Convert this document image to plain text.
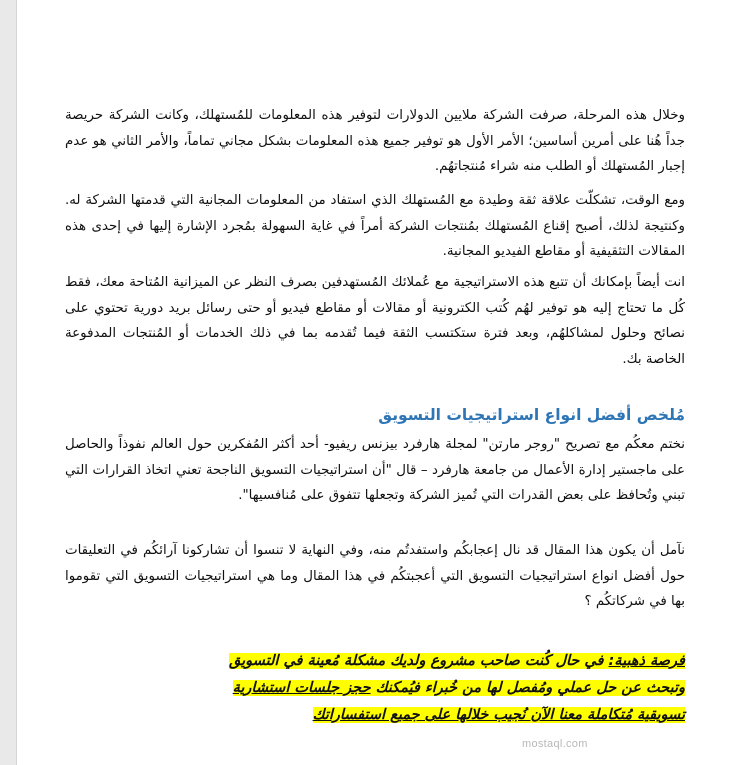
وخلال هذه المرحلة، صرفت الشركة ملايين الدولارات لتوفير هذه المعلومات للمُستهلك، وكانت الشركة حريصة جداً هُنا على أمرين أساسين؛ الأمر الأول هو توفير جميع هذه المعلومات بشكل مجاني تماماً، والأمر الثاني هو عدم إجبار المُستهلك أو الطلب منه شراء مُنتجاتهُم.

ومع الوقت، تشكلّت علاقة ثقة وطيدة مع المُستهلك الذي استفاد من المعلومات المجانية التي قدمتها الشركة له. وكنتيجة لذلك، أصبح إقناع المُستهلك بمُنتجات الشركة أمراً في غاية السهولة بمُجرد الإشارة إليها في إحدى هذه المقالات التثقيفية أو مقاطع الفيديو المجانية.

انت أيضاً بإمكانك أن تتبع هذه الاستراتيجية مع عُملائك المُستهدفين بصرف النظر عن الميزانية المُتاحة معك، فقط كُل ما تحتاج إليه هو توفير لهُم كُتب الكترونية أو مقالات أو مقاطع فيديو أو حتى رسائل بريد دورية تحتوي على نصائح وحلول لمشاكلهُم، وبعد فترة ستكتسب الثقة فيما تُقدمه بما في ذلك الخدمات أو المُنتجات المدفوعة الخاصة بك.

مُلخص أفضل انواع استراتيجيات التسويق

نختم معكُم مع تصريح "روجر مارتن" لمجلة هارفرد بيزنس ريفيو- أحد أكثر المُفكرين حول العالم نفوذاً والحاصل على ماجستير إدارة الأعمال من جامعة هارفرد – قال "أن استراتيجيات التسويق الناجحة تعني اتخاذ القرارات التي تبني وتُحافظ على بعض القدرات التي تُميز الشركة وتجعلها تتفوق على مُنافسيها".

نآمل أن يكون هذا المقال قد نال إعجابكُم واستفدتُم منه، وفي النهاية لا تنسوا أن تشاركونا آرائكُم في التعليقات حول أفضل انواع استراتيجيات التسويق التي أعجبتكُم في هذا المقال وما هي استراتيجيات التسويق التي تقوموا بها في شركاتكُم ؟

فرصة ذهبية: في حال كُنت صاحب مشروع ولديك مشكلة مُعينة في التسويق

وتبحث عن حل عملي ومُفصل لها من خُبراء فيُمكنك حجز جلسات استشارية

تسويقية مُتكاملة معنا الآن نُجيب خلالها على جميع استفساراتك

mostaql.com
